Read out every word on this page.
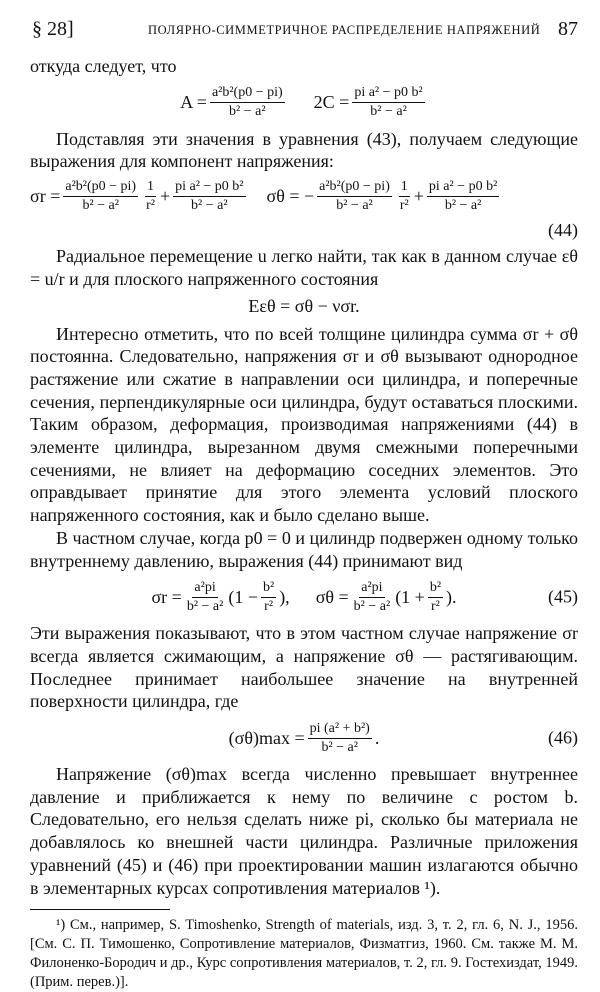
§ 28]	ПОЛЯРНО-СИММЕТРИЧНОЕ РАСПРЕДЕЛЕНИЕ НАПРЯЖЕНИЙ 87

откуда следует, что

$A = \frac{\text{a²b²(p0 − pi)}}{\text{b² − a²}} 2C = \frac{\text{pi a² − p0 b²}}{\text{b² − a²}}$

Подставляя эти значения в уравнения (43), получаем следующие выражения для компонент напряжения:

$\sigma r = \frac{\text{a²b²(p0 − pi)}}{\text{b² − a²}} \frac{1}{\text{r²}} + \frac{\text{pi a² − p0 b²}}{\text{b² − a²}}$ σθ = − $\frac{\text{a²b²(p0 − pi)}}{\text{b² − a²}} \frac{1}{\text{r²}} + \frac{\text{pi a² − p0 b²}}{\text{b² − a²}}$
(44)

Радиальное перемещение u легко найти, так как в данном случае εθ = u/r и для плоского напряженного состояния

Eεθ = σθ − νσr.

Интересно отметить, что по всей толщине цилиндра сумма σr + σθ постоянна. Следовательно, напряжения σr и σθ вызывают однородное растяжение или сжатие в направлении оси цилиндра, и поперечные сечения, перпендикулярные оси цилиндра, будут оставаться плоскими. Таким образом, деформация, производимая напряжениями (44) в элементе цилиндра, вырезанном двумя смежными поперечными сечениями, не влияет на деформацию соседних элементов. Это оправдывает принятие для этого элемента условий плоского напряженного состояния, как и было сделано выше.

В частном случае, когда p0 = 0 и цилиндр подвержен одному только внутреннему давлению, выражения (44) принимают вид

$\sigma r = \frac{\text{a²pi}}{\text{b² − a²}} (1 - \frac{\text{b²}}{\text{r²}}$ ), $\sigma\theta = \frac{\text{a²pi}}{\text{b² − a²}} (1 + \frac{\text{b²}}{\text{r²}}$ ).	(45)

Эти выражения показывают, что в этом частном случае напряжение σr всегда является сжимающим, а напряжение σθ — растягивающим. Последнее принимает наибольшее значение на внутренней поверхности цилиндра, где

$(\sigma\theta)\max = \frac{\text{pi (a² + b²)}}{\text{b² − a²}}$ .	(46)

Напряжение (σθ)max всегда численно превышает внутреннее давление и приближается к нему по величине с ростом b. Следовательно, его нельзя сделать ниже pi, сколько бы материала не добавлялось ко внешней части цилиндра. Различные приложения уравнений (45) и (46) при проектировании машин излагаются обычно в элементарных курсах сопротивления материалов ¹).

¹) См., например, S. Timoshenko, Strength of materials, изд. 3, т. 2, гл. 6, N. J., 1956. [См. С. П. Тимошенко, Сопротивление материалов, Физматгиз, 1960. См. также М. М. Филоненко-Бородич и др., Курс сопротивления материалов, т. 2, гл. 9. Гостехиздат, 1949. (Прим. перев.)].
